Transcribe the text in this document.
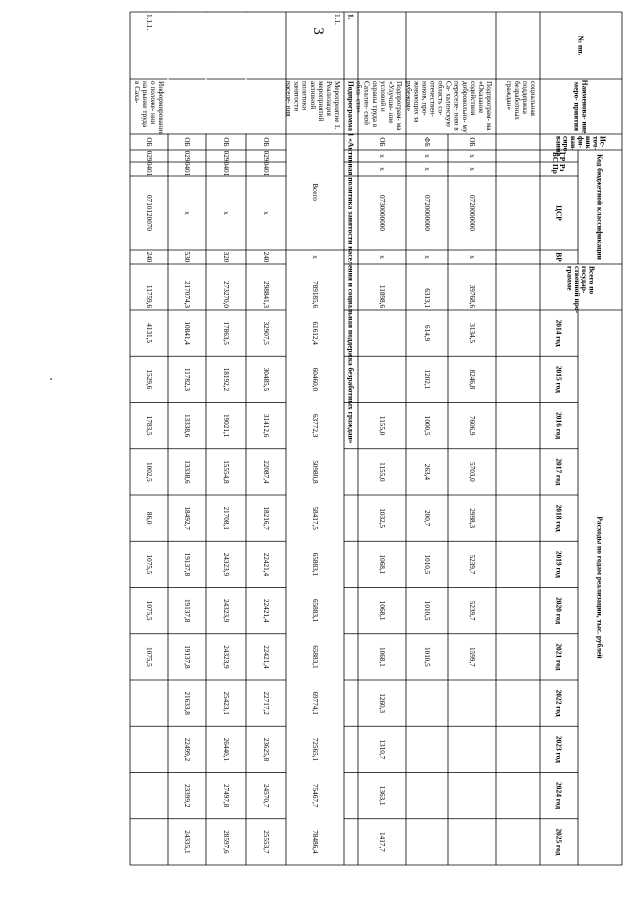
3
№ пп.
Наименова- ние
меро- приятия
Ис-
точ-
ник
фи-
нан-
сиро-
вания
Код бюджетной классификации
ГР
БС
Рз
Пр
ЦСР
ВР
Всего по
государ-
ственной про-
грамме
Расходы по годам реализации, тыс. рублей
2014 год
2015 год
2016 год
2017 год
2018 год
2019 год
2020 год
2021 год
2022 год
2023 год
2024 год
2025 год
социальная
поддержка
безработных
граждан»
Подпрограм- ма
«Оказание
содействия
добровольно- му
переселе- нию в
Са- халинскую
область со-
отечествен-
ников, про-
живающих за
рубежом»
ОБ
х
х
0720000000
х
39768,6
3134,5
8246,8
7606,9
5703,0
2998,3
5239,7
5239,7
1599,7
ФБ
х
х
0720000000
х
6313,1
614,9
1202,1
1000,5
263,4
200,7
1010,5
1010,5
1010,5
Подпрограм- ма
«Улучше- ние
условий и
охраны труда в
Сахалин- ской
обла- сти»
ОБ
х
х
0730000000
х
11898,6
1155,0
1155,0
1032,5
1068,1
1068,1
1068,1
1260,3
1310,7
1363,1
1417,7
1.
Подпрограмма 1 «Активная политика занятости населения и социальная поддержка безработных граждан»
1.1.
Мероприятие 1.
Реализация
мероприятий
активной
политики
занятости
населе- ния
Всего
х
789185,6
61612,4
60460,0
63772,3
50980,8
58417,5
65883,1
65883,1
65883,1
69774,1
72565,1
75467,7
78486,4
ОБ
029
0401
х
240
298841,3
32907,5
30485,5
31412,6
22087,4
18216,7
22421,4
22421,4
22421,4
22717,2
23625,8
24570,7
25553,7
ОБ
029
0401
х
320
273270,0
17863,5
18192,2
19021,1
15554,8
21708,1
24323,9
24323,9
24323,9
25423,1
26440,1
27497,8
28597,6
ОБ
029
0401
х
530
217074,3
10841,4
11782,3
13338,6
13338,6
18492,7
19137,8
19137,8
19137,8
21633,8
22499,2
23399,2
24335,1
1.1.1.
Информирование
о положе- нии
на рынке труда
в Саха-
ОБ
029
0401
0710120070
240
11759,6
4131,5
1529,6
1783,5
1002,5
86,0
1075,5
1075,5
1075,5
